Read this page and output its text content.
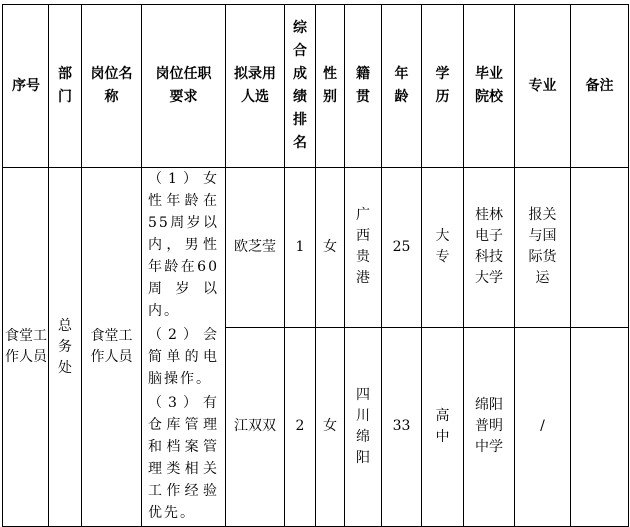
序号	部门	岗位名称	岗位任职要求	拟录用人选	综合成绩排名	性别	籍贯	年龄	学历	毕业院校	专业	备注
食堂工作人员	总务处	食堂工作人员	（1）女性年龄在55周岁以内，男性年龄在60周岁以内。

（2）会简单的电脑操作。

（3）有仓库管理和档案管理类相关工作经验优先。	欧芝莹	1	女	广西贵港	25	大专	桂林电子科技大学	报关与国际货运	
				江双双	2	女	四川绵阳	33	高中	绵阳普明中学	/	
